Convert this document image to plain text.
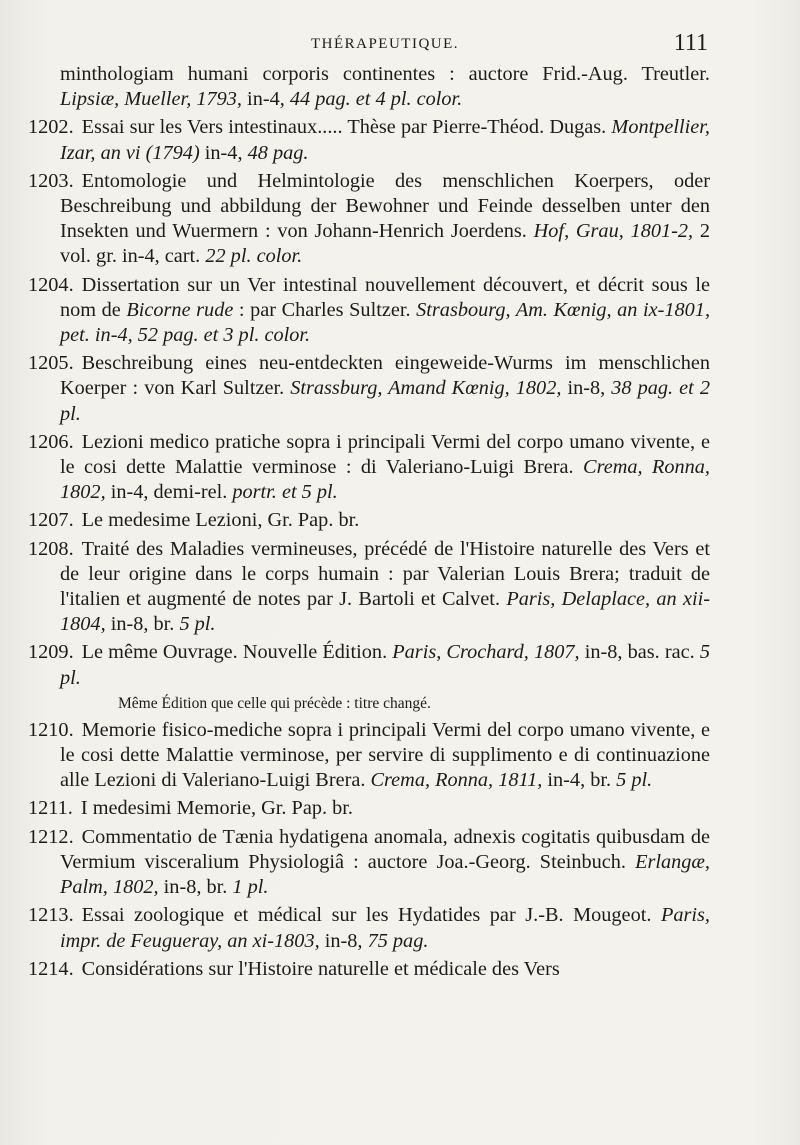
THÉRAPEUTIQUE.	111

minthologiam humani corporis continentes : auctore Frid.-Aug. Treutler. Lipsiæ, Mueller, 1793, in-4, 44 pag. et 4 pl. color.

1202. Essai sur les Vers intestinaux..... Thèse par Pierre-Théod. Dugas. Montpellier, Izar, an vi (1794) in-4, 48 pag.

1203. Entomologie und Helmintologie des menschlichen Koerpers, oder Beschreibung und abbildung der Bewohner und Feinde desselben unter den Insekten und Wuermern : von Johann-Henrich Joerdens. Hof, Grau, 1801-2, 2 vol. gr. in-4, cart. 22 pl. color.

1204. Dissertation sur un Ver intestinal nouvellement découvert, et décrit sous le nom de Bicorne rude : par Charles Sultzer. Strasbourg, Am. Kœnig, an ix-1801, pet. in-4, 52 pag. et 3 pl. color.

1205. Beschreibung eines neu-entdeckten eingeweide-Wurms im menschlichen Koerper : von Karl Sultzer. Strassburg, Amand Kœnig, 1802, in-8, 38 pag. et 2 pl.

1206. Lezioni medico pratiche sopra i principali Vermi del corpo umano vivente, e le cosi dette Malattie verminose : di Valeriano-Luigi Brera. Crema, Ronna, 1802, in-4, demi-rel. portr. et 5 pl.

1207. Le medesime Lezioni, Gr. Pap. br.

1208. Traité des Maladies vermineuses, précédé de l'Histoire naturelle des Vers et de leur origine dans le corps humain : par Valerian Louis Brera; traduit de l'italien et augmenté de notes par J. Bartoli et Calvet. Paris, Delaplace, an xii-1804, in-8, br. 5 pl.

1209. Le même Ouvrage. Nouvelle Édition. Paris, Crochard, 1807, in-8, bas. rac. 5 pl.

Même Édition que celle qui précède : titre changé.

1210. Memorie fisico-mediche sopra i principali Vermi del corpo umano vivente, e le cosi dette Malattie verminose, per servire di supplimento e di continuazione alle Lezioni di Valeriano-Luigi Brera. Crema, Ronna, 1811, in-4, br. 5 pl.

1211. I medesimi Memorie, Gr. Pap. br.

1212. Commentatio de Tænia hydatigena anomala, adnexis cogitatis quibusdam de Vermium visceralium Physiologiâ : auctore Joa.-Georg. Steinbuch. Erlangæ, Palm, 1802, in-8, br. 1 pl.

1213. Essai zoologique et médical sur les Hydatides par J.-B. Mougeot. Paris, impr. de Feugueray, an xi-1803, in-8, 75 pag.

1214. Considérations sur l'Histoire naturelle et médicale des Vers
